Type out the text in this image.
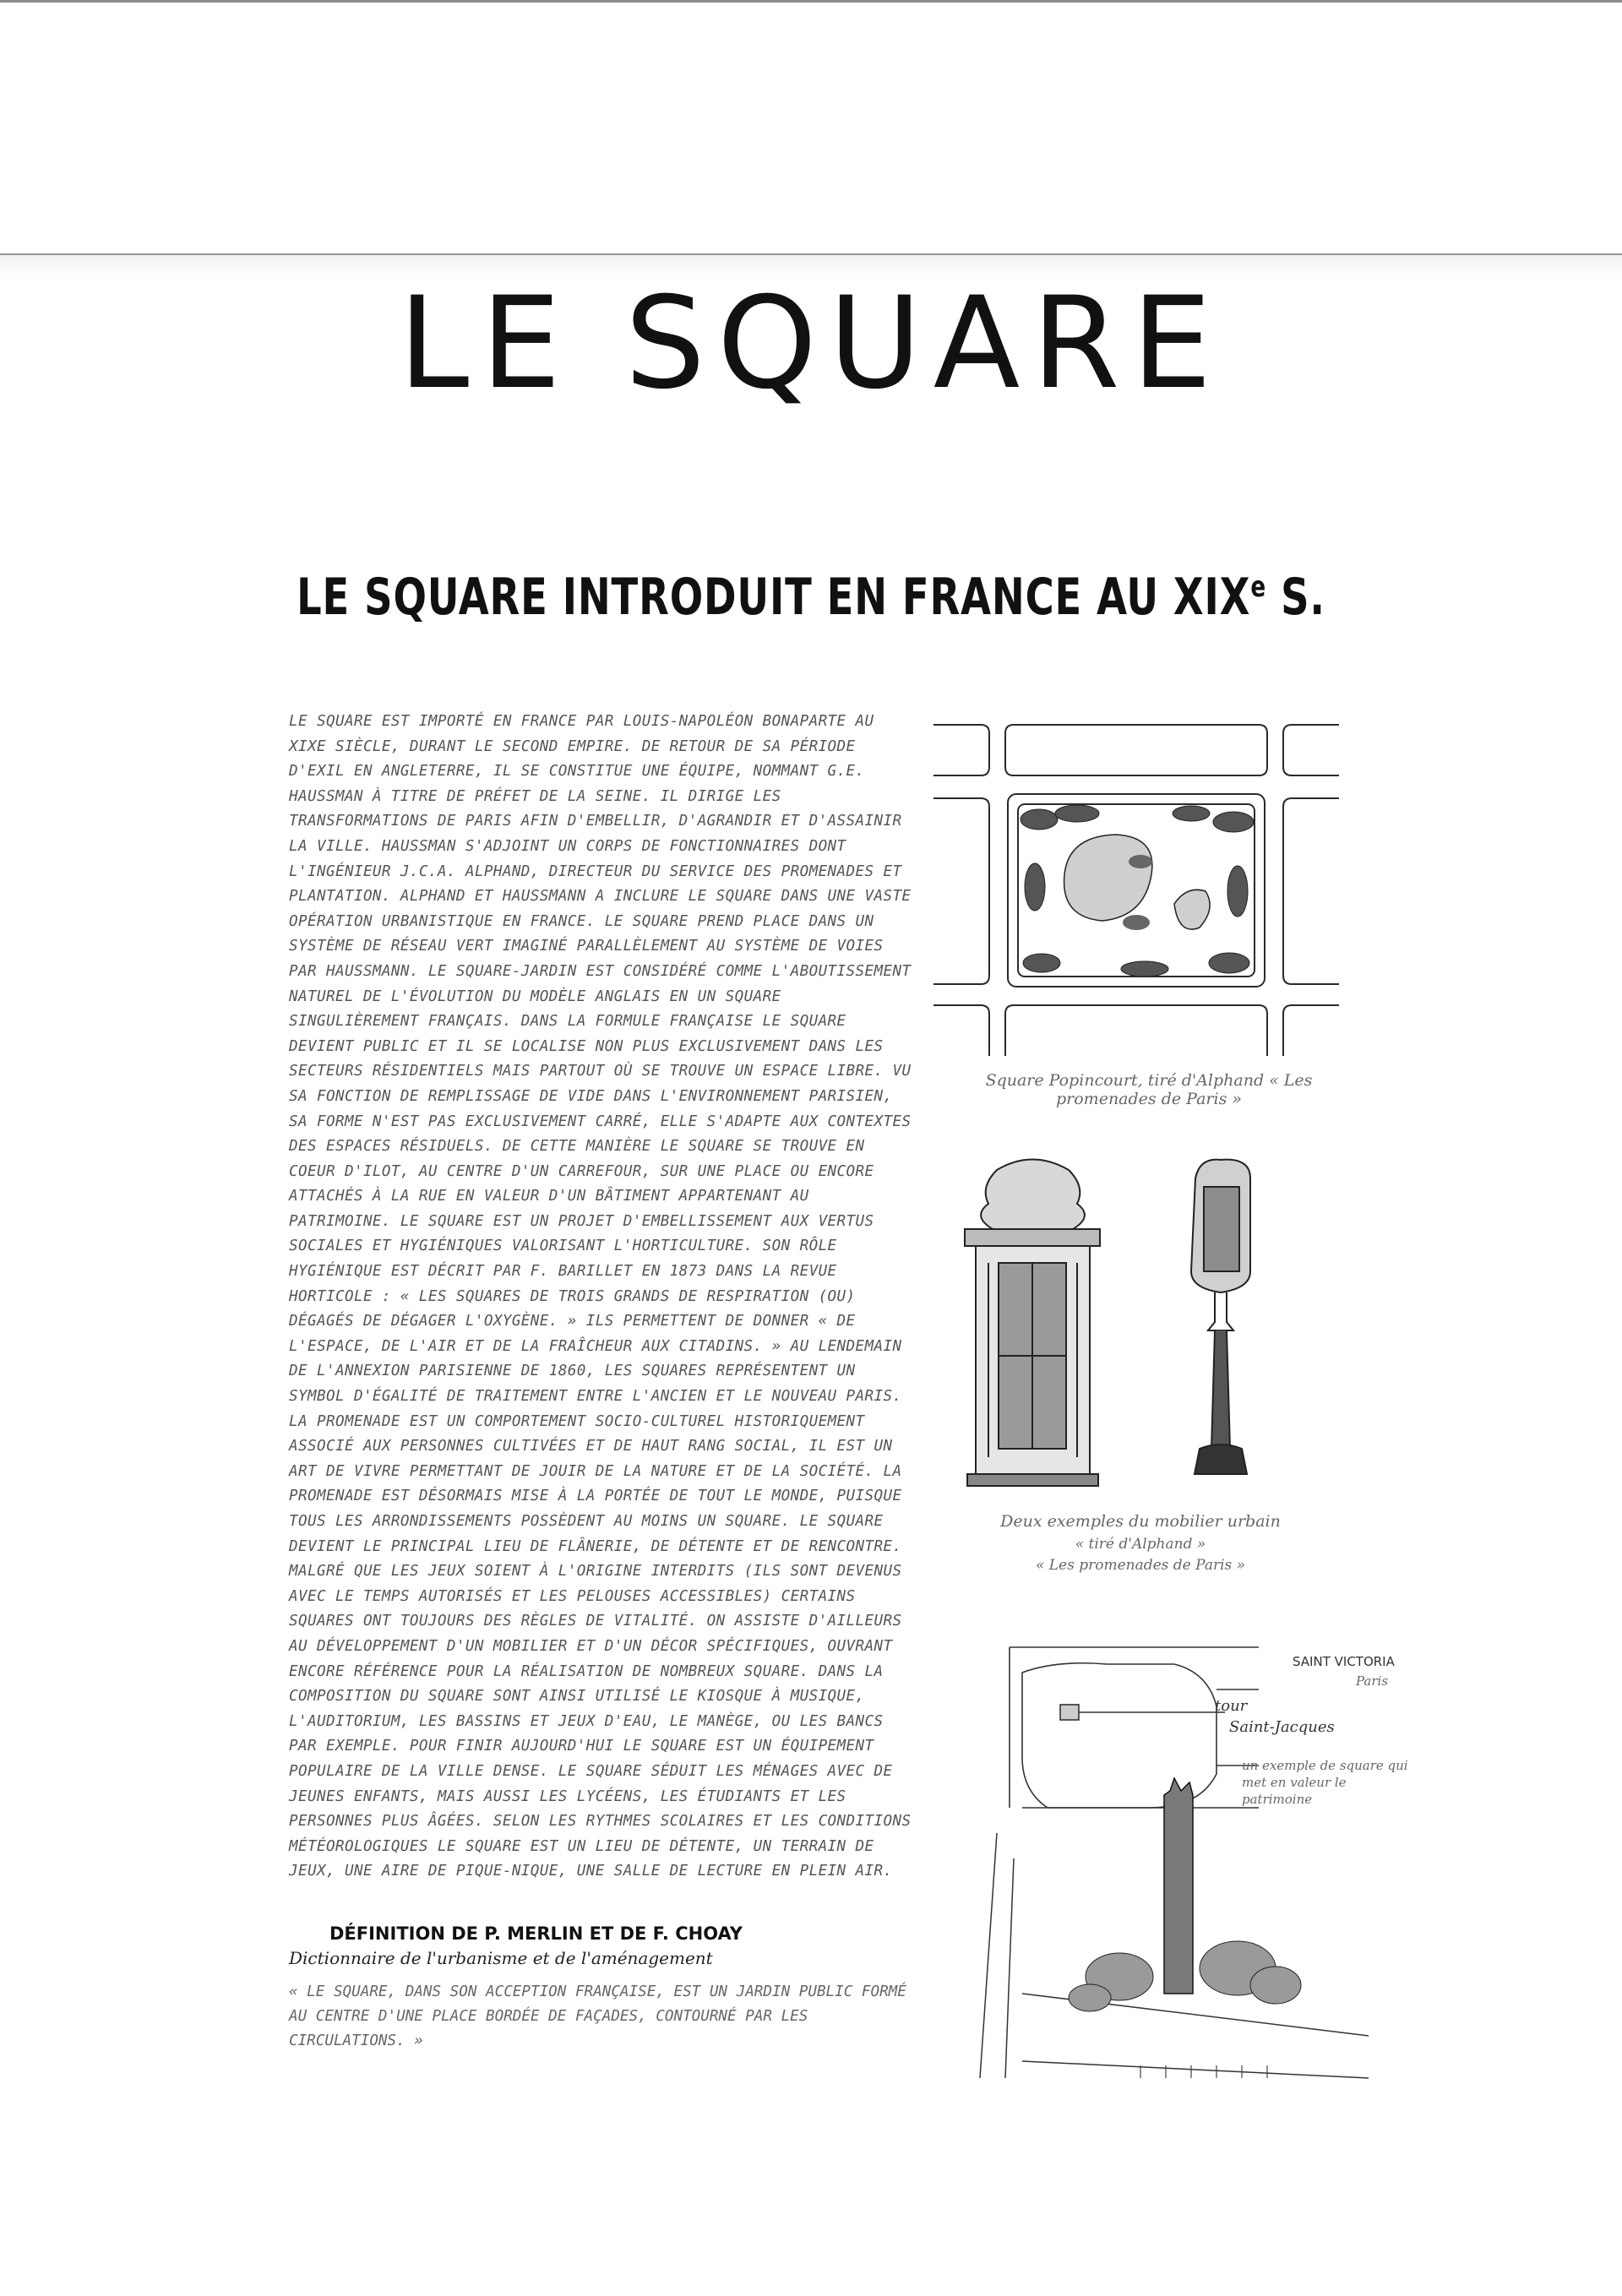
LE SQUARE
LE SQUARE INTRODUIT EN FRANCE AU XIXe S.

LE SQUARE EST IMPORTÉ EN FRANCE PAR LOUIS-NAPOLÉON BONAPARTE AU XIXE SIÈCLE, DURANT LE SECOND EMPIRE. DE RETOUR DE SA PÉRIODE D'EXIL EN ANGLETERRE, IL SE CONSTITUE UNE ÉQUIPE, NOMMANT G.E. HAUSSMAN À TITRE DE PRÉFET DE LA SEINE. IL DIRIGE LES TRANSFORMATIONS DE PARIS AFIN D'EMBELLIR, D'AGRANDIR ET D'ASSAINIR LA VILLE. HAUSSMAN S'ADJOINT UN CORPS DE FONCTIONNAIRES DONT L'INGÉNIEUR J.C.A. ALPHAND, DIRECTEUR DU SERVICE DES PROMENADES ET PLANTATION. ALPHAND ET HAUSSMANN A INCLURE LE SQUARE DANS UNE VASTE OPÉRATION URBANISTIQUE EN FRANCE. LE SQUARE PREND PLACE DANS UN SYSTÈME DE RÉSEAU VERT IMAGINÉ PARALLÈLEMENT AU SYSTÈME DE VOIES PAR HAUSSMANN. LE SQUARE-JARDIN EST CONSIDÉRÉ COMME L'ABOUTISSEMENT NATUREL DE L'ÉVOLUTION DU MODÈLE ANGLAIS EN UN SQUARE SINGULIÈREMENT FRANÇAIS. DANS LA FORMULE FRANÇAISE LE SQUARE DEVIENT PUBLIC ET IL SE LOCALISE NON PLUS EXCLUSIVEMENT DANS LES SECTEURS RÉSIDENTIELS MAIS PARTOUT OÙ SE TROUVE UN ESPACE LIBRE. VU SA FONCTION DE REMPLISSAGE DE VIDE DANS L'ENVIRONNEMENT PARISIEN, SA FORME N'EST PAS EXCLUSIVEMENT CARRÉ, ELLE S'ADAPTE AUX CONTEXTES DES ESPACES RÉSIDUELS. DE CETTE MANIÈRE LE SQUARE SE TROUVE EN COEUR D'ILOT, AU CENTRE D'UN CARREFOUR, SUR UNE PLACE OU ENCORE ATTACHÉS À LA RUE EN VALEUR D'UN BÂTIMENT APPARTENANT AU PATRIMOINE. LE SQUARE EST UN PROJET D'EMBELLISSEMENT AUX VERTUS SOCIALES ET HYGIÉNIQUES VALORISANT L'HORTICULTURE. SON RÔLE HYGIÉNIQUE EST DÉCRIT PAR F. BARILLET EN 1873 DANS LA REVUE HORTICOLE : « LES SQUARES DE TROIS GRANDS DE RESPIRATION (OU) DÉGAGÉS DE DÉGAGER L'OXYGÈNE. » ILS PERMETTENT DE DONNER « DE L'ESPACE, DE L'AIR ET DE LA FRAÎCHEUR AUX CITADINS. » AU LENDEMAIN DE L'ANNEXION PARISIENNE DE 1860, LES SQUARES REPRÉSENTENT UN SYMBOL D'ÉGALITÉ DE TRAITEMENT ENTRE L'ANCIEN ET LE NOUVEAU PARIS. LA PROMENADE EST UN COMPORTEMENT SOCIO-CULTUREL HISTORIQUEMENT ASSOCIÉ AUX PERSONNES CULTIVÉES ET DE HAUT RANG SOCIAL, IL EST UN ART DE VIVRE PERMETTANT DE JOUIR DE LA NATURE ET DE LA SOCIÉTÉ. LA PROMENADE EST DÉSORMAIS MISE À LA PORTÉE DE TOUT LE MONDE, PUISQUE TOUS LES ARRONDISSEMENTS POSSÈDENT AU MOINS UN SQUARE. LE SQUARE DEVIENT LE PRINCIPAL LIEU DE FLÂNERIE, DE DÉTENTE ET DE RENCONTRE. MALGRÉ QUE LES JEUX SOIENT À L'ORIGINE INTERDITS (ILS SONT DEVENUS AVEC LE TEMPS AUTORISÉS ET LES PELOUSES ACCESSIBLES) CERTAINS SQUARES ONT TOUJOURS DES RÈGLES DE VITALITÉ. ON ASSISTE D'AILLEURS AU DÉVELOPPEMENT D'UN MOBILIER ET D'UN DÉCOR SPÉCIFIQUES, OUVRANT ENCORE RÉFÉRENCE POUR LA RÉALISATION DE NOMBREUX SQUARE. DANS LA COMPOSITION DU SQUARE SONT AINSI UTILISÉ LE KIOSQUE À MUSIQUE, L'AUDITORIUM, LES BASSINS ET JEUX D'EAU, LE MANÈGE, OU LES BANCS PAR EXEMPLE. POUR FINIR AUJOURD'HUI LE SQUARE EST UN ÉQUIPEMENT POPULAIRE DE LA VILLE DENSE. LE SQUARE SÉDUIT LES MÉNAGES AVEC DE JEUNES ENFANTS, MAIS AUSSI LES LYCÉENS, LES ÉTUDIANTS ET LES PERSONNES PLUS ÂGÉES. SELON LES RYTHMES SCOLAIRES ET LES CONDITIONS MÉTÉOROLOGIQUES LE SQUARE EST UN LIEU DE DÉTENTE, UN TERRAIN DE JEUX, UNE AIRE DE PIQUE-NIQUE, UNE SALLE DE LECTURE EN PLEIN AIR.

DÉFINITION DE P. MERLIN ET DE F. CHOAY

Dictionnaire de l'urbanisme et de l'aménagement

« LE SQUARE, DANS SON ACCEPTION FRANÇAISE, EST UN JARDIN PUBLIC FORMÉ AU CENTRE D'UNE PLACE BORDÉE DE FAÇADES, CONTOURNÉ PAR LES CIRCULATIONS. »

Square Popincourt, tiré d'Alphand « Les promenades de Paris »

Deux exemples du mobilier urbain

« tiré d'Alphand »

« Les promenades de Paris »

SAINT VICTORIA

Paris

tour

Saint-Jacques

un exemple de square qui met en valeur le patrimoine
